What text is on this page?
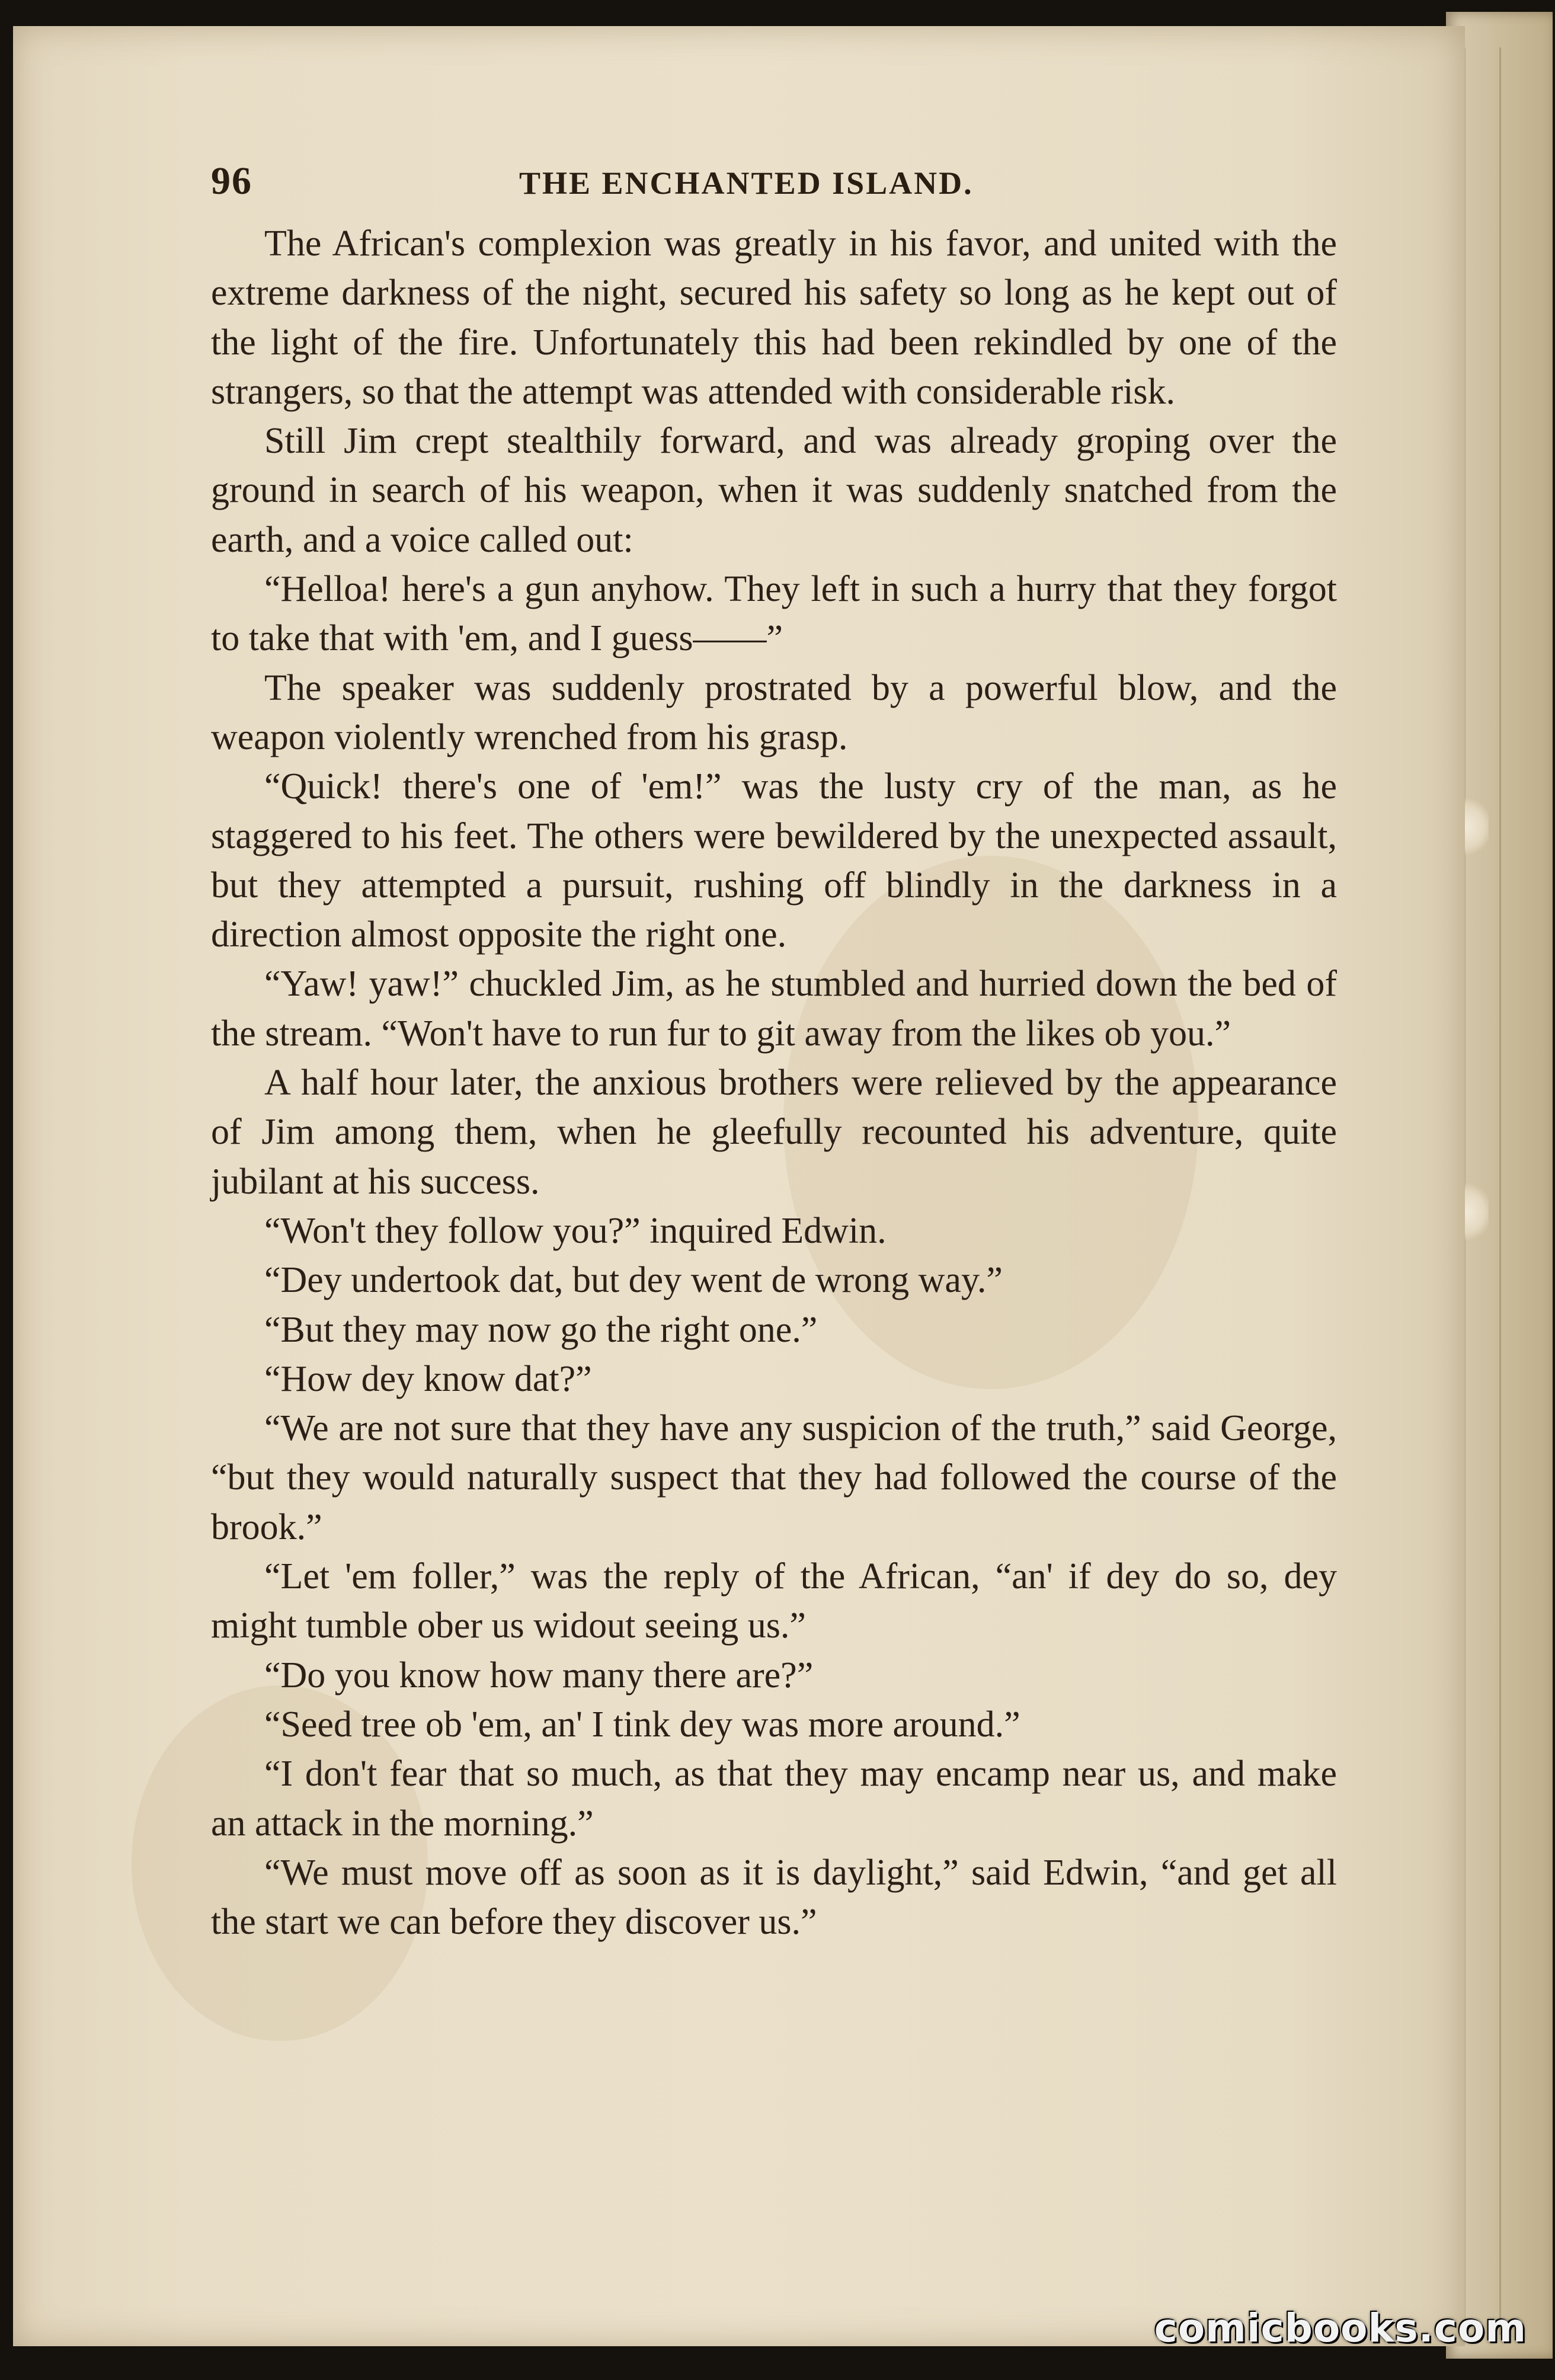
96	THE ENCHANTED ISLAND.

The African's complexion was greatly in his favor, and united with the extreme darkness of the night, secured his safety so long as he kept out of the light of the fire. Unfortunately this had been rekindled by one of the strangers, so that the attempt was attended with considerable risk.

Still Jim crept stealthily forward, and was already groping over the ground in search of his weapon, when it was suddenly snatched from the earth, and a voice called out:

“Helloa! here's a gun anyhow. They left in such a hurry that they forgot to take that with 'em, and I guess——”

The speaker was suddenly prostrated by a powerful blow, and the weapon violently wrenched from his grasp.

“Quick! there's one of 'em!” was the lusty cry of the man, as he staggered to his feet. The others were bewildered by the unexpected assault, but they attempted a pursuit, rushing off blindly in the darkness in a direction almost opposite the right one.

“Yaw! yaw!” chuckled Jim, as he stumbled and hurried down the bed of the stream. “Won't have to run fur to git away from the likes ob you.”

A half hour later, the anxious brothers were relieved by the appearance of Jim among them, when he gleefully recounted his adventure, quite jubilant at his success.

“Won't they follow you?” inquired Edwin.

“Dey undertook dat, but dey went de wrong way.”

“But they may now go the right one.”

“How dey know dat?”

“We are not sure that they have any suspicion of the truth,” said George, “but they would naturally suspect that they had followed the course of the brook.”

“Let 'em foller,” was the reply of the African, “an' if dey do so, dey might tumble ober us widout seeing us.”

“Do you know how many there are?”

“Seed tree ob 'em, an' I tink dey was more around.”

“I don't fear that so much, as that they may encamp near us, and make an attack in the morning.”

“We must move off as soon as it is daylight,” said Edwin, “and get all the start we can before they discover us.”

comicbooks.com
